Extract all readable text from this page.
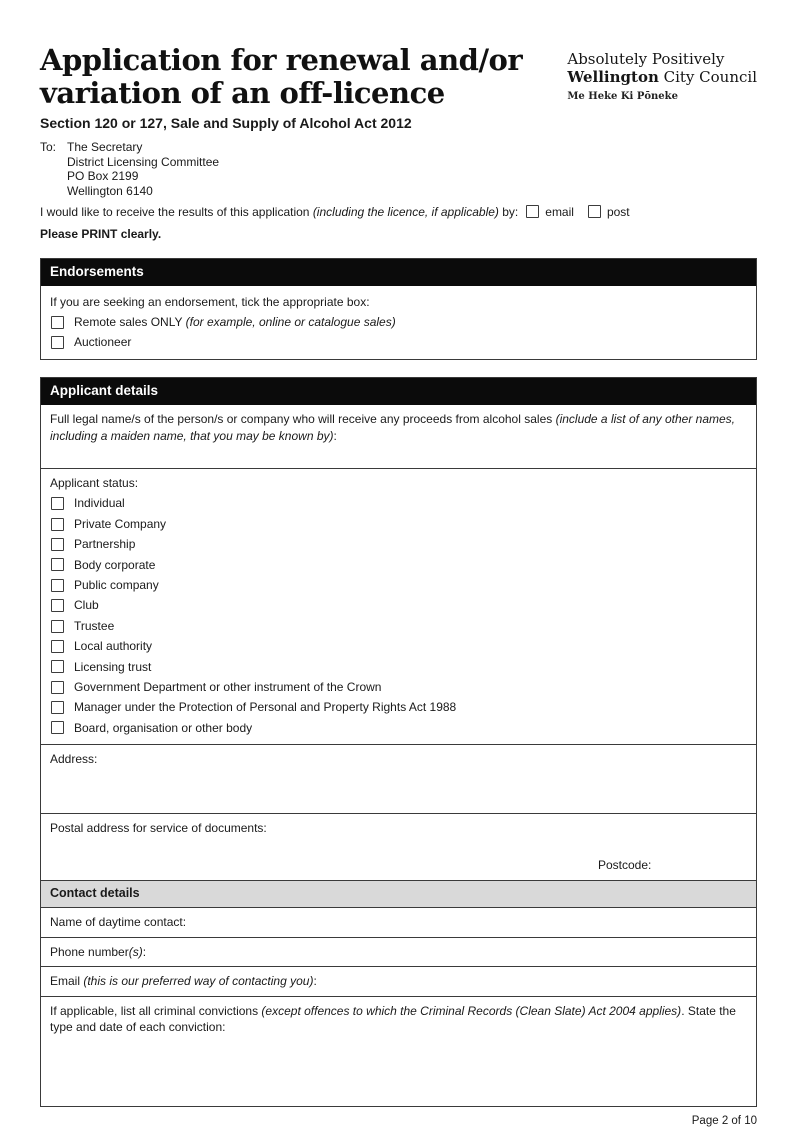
Application for renewal and/or
variation of an off-licence
Absolutely Positively
Wellington City Council
Me Heke Ki Pōneke
Section 120 or 127, Sale and Supply of Alcohol Act 2012
To: The Secretary
District Licensing Committee
PO Box 2199
Wellington 6140
I would like to receive the results of this application (including the licence, if applicable) by: email	post
Please PRINT clearly.
Endorsements
If you are seeking an endorsement, tick the appropriate box:
Remote sales ONLY (for example, online or catalogue sales)
Auctioneer
Applicant details
Full legal name/s of the person/s or company who will receive any proceeds from alcohol sales (include a list of any other names, including a maiden name, that you may be known by):
Applicant status:
Individual
Private Company
Partnership
Body corporate
Public company
Club
Trustee
Local authority
Licensing trust
Government Department or other instrument of the Crown
Manager under the Protection of Personal and Property Rights Act 1988
Board, organisation or other body
Address:
Postal address for service of documents:
Postcode:
Contact details
Name of daytime contact:
Phone number(s):
Email (this is our preferred way of contacting you):
If applicable, list all criminal convictions (except offences to which the Criminal Records (Clean Slate) Act 2004 applies). State the type and date of each conviction:
Page 2 of 10
